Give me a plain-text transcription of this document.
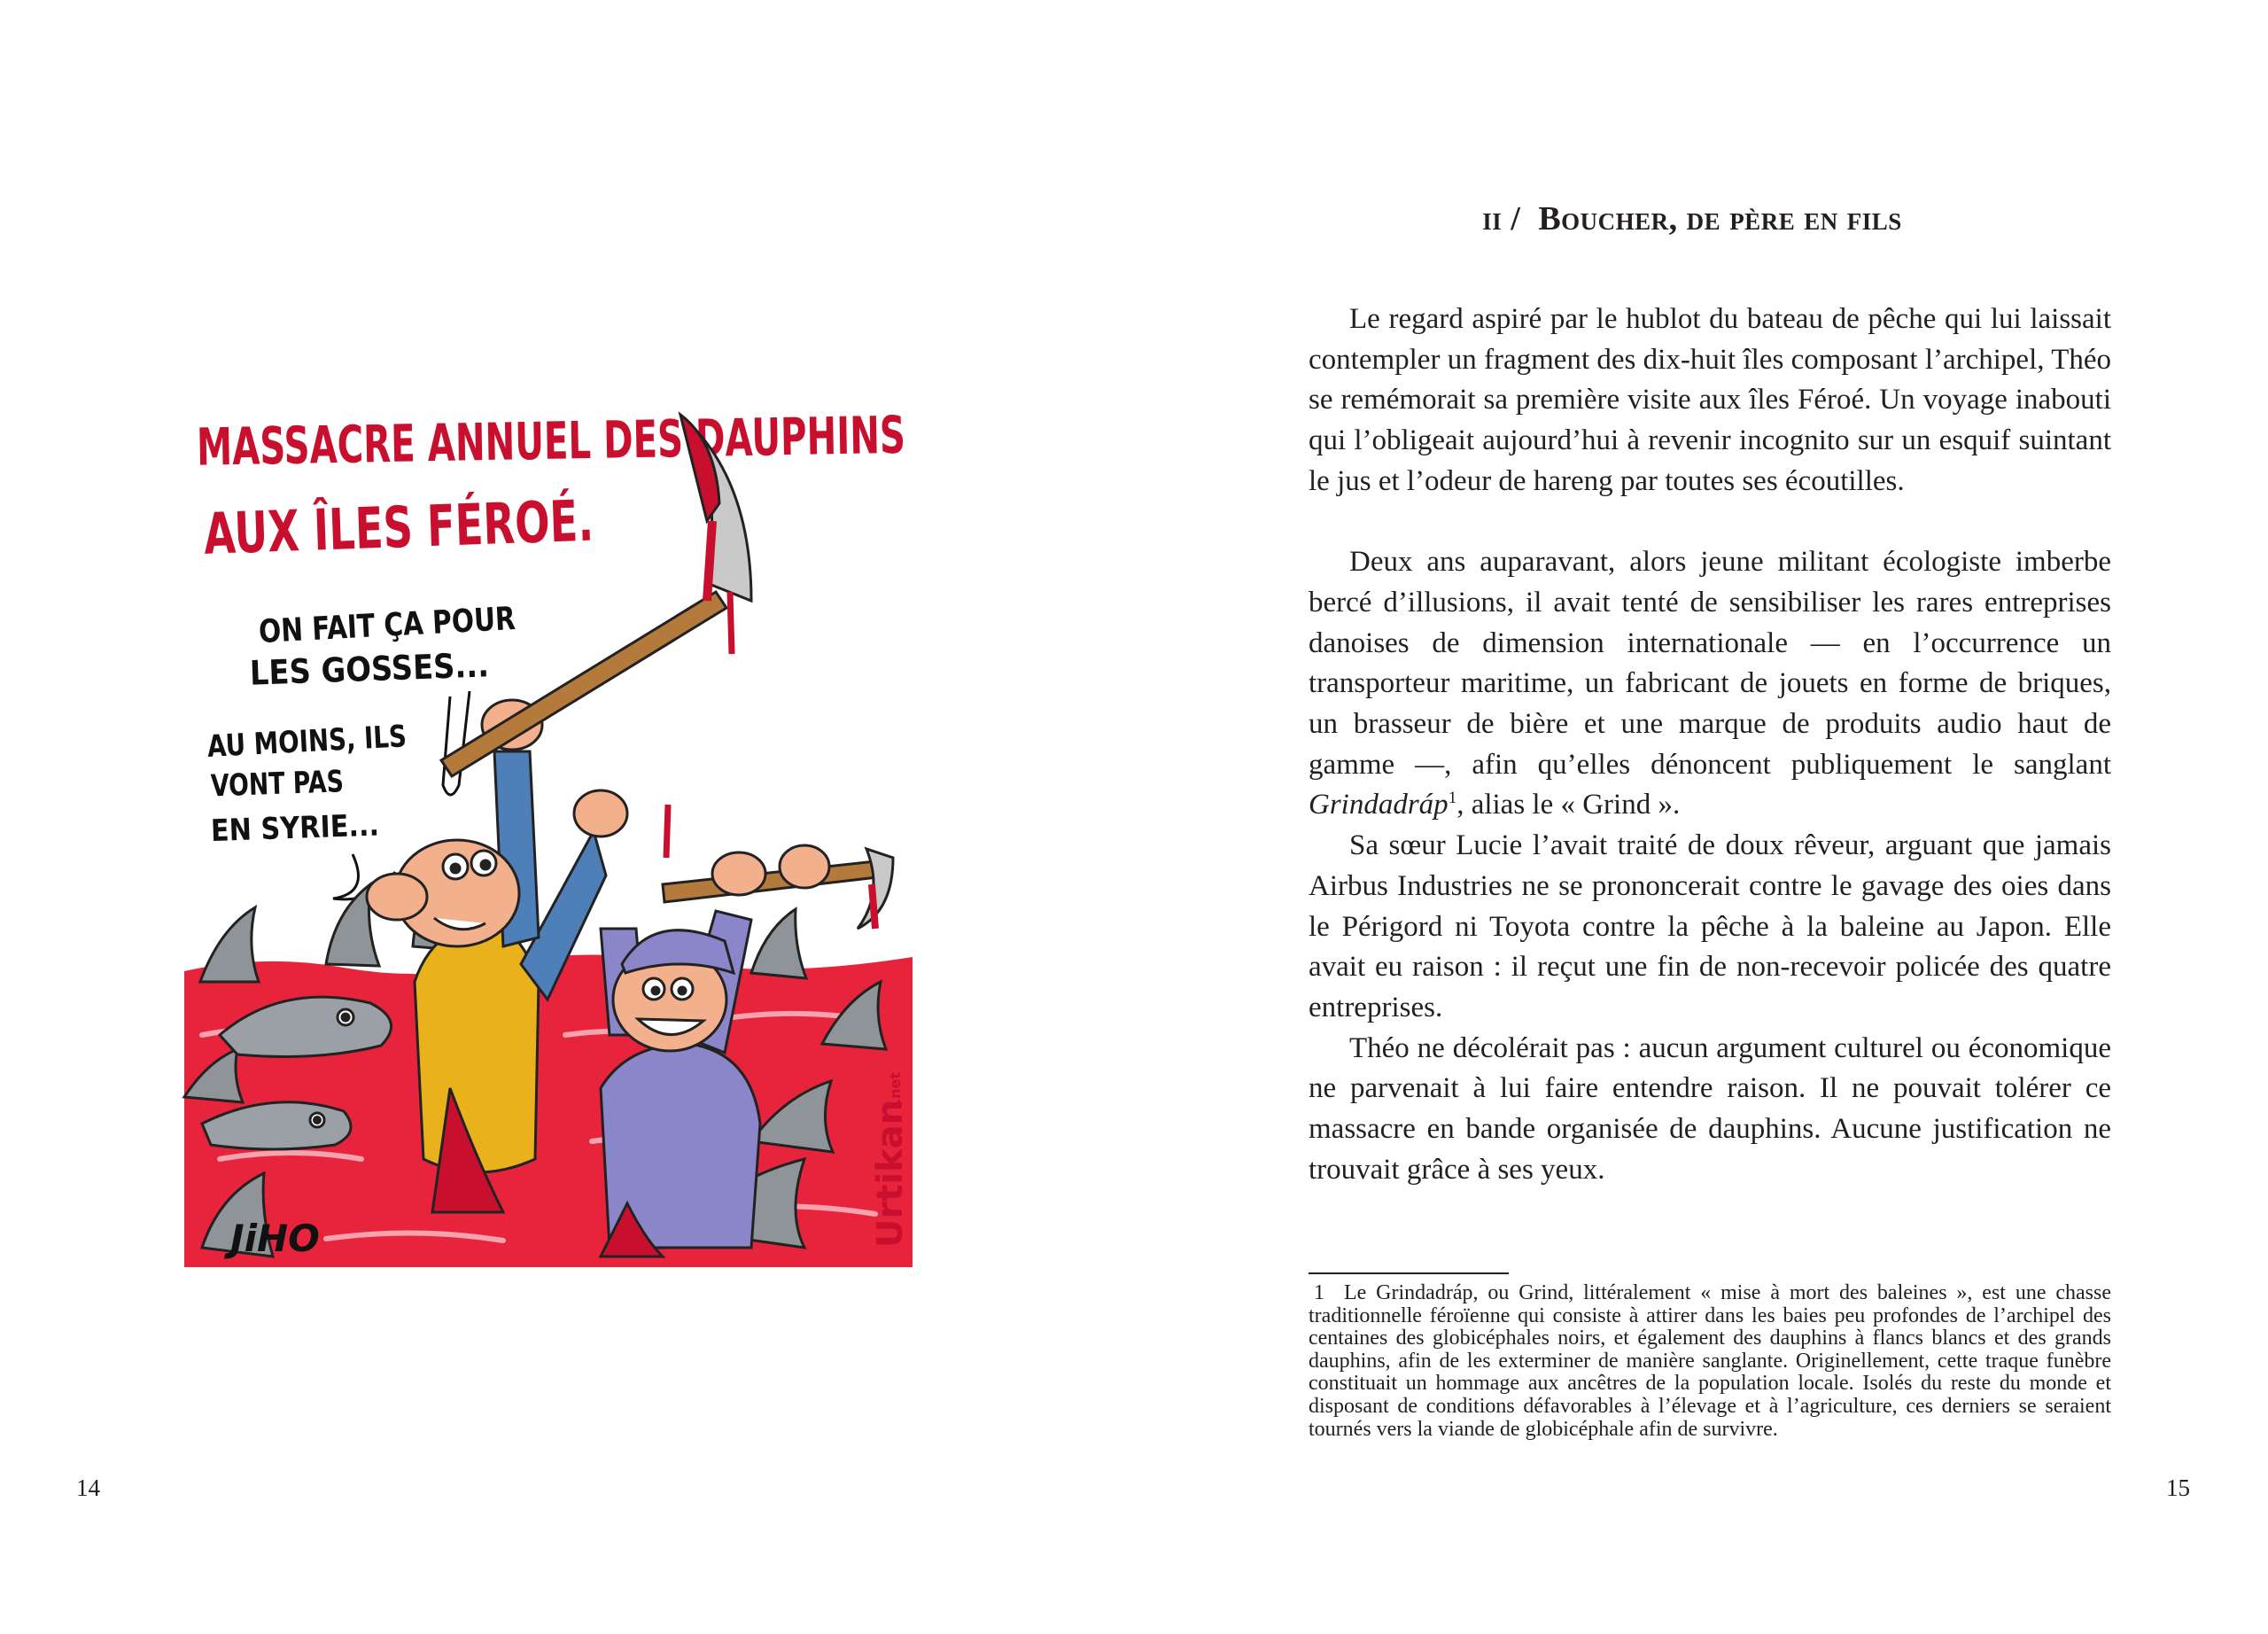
MASSACRE ANNUEL DES DAUPHINS
AUX ÎLES FÉROÉ.
ON FAIT ÇA POUR
LES GOSSES...
AU MOINS, ILS
VONT PAS
EN SYRIE...
JiHO	Urtikan
.net
14
ii / Boucher, de père en fils

Le regard aspiré par le hublot du bateau de pêche qui lui laissait contempler un fragment des dix-huit îles composant l’archipel, Théo se remémorait sa première visite aux îles Féroé. Un voyage inabouti qui l’obligeait aujourd’hui à revenir incognito sur un esquif suintant le jus et l’odeur de hareng par toutes ses écoutilles.

Deux ans auparavant, alors jeune militant écologiste imberbe bercé d’illusions, il avait tenté de sensibiliser les rares entreprises danoises de dimension internationale — en l’occurrence un transporteur maritime, un fabricant de jouets en forme de briques, un brasseur de bière et une marque de produits audio haut de gamme —, afin qu’elles dénoncent publiquement le sanglant Grindadráp$^1$, alias le « Grind ».

Sa sœur Lucie l’avait traité de doux rêveur, arguant que jamais Airbus Industries ne se prononcerait contre le gavage des oies dans le Périgord ni Toyota contre la pêche à la baleine au Japon. Elle avait eu raison : il reçut une fin de non-recevoir policée des quatre entreprises.

Théo ne décolérait pas : aucun argument culturel ou économique ne parvenait à lui faire entendre raison. Il ne pouvait tolérer ce massacre en bande organisée de dauphins. Aucune justification ne trouvait grâce à ses yeux.

1 Le Grindadráp, ou Grind, littéralement « mise à mort des baleines », est une chasse traditionnelle féroïenne qui consiste à attirer dans les baies peu profondes de l’archipel des centaines des globicéphales noirs, et également des dauphins à flancs blancs et des grands dauphins, afin de les exterminer de manière sanglante. Originellement, cette traque funèbre constituait un hommage aux ancêtres de la population locale. Isolés du reste du monde et disposant de conditions défavorables à l’élevage et à l’agriculture, ces derniers se seraient tournés vers la viande de globicéphale afin de survivre.
15
